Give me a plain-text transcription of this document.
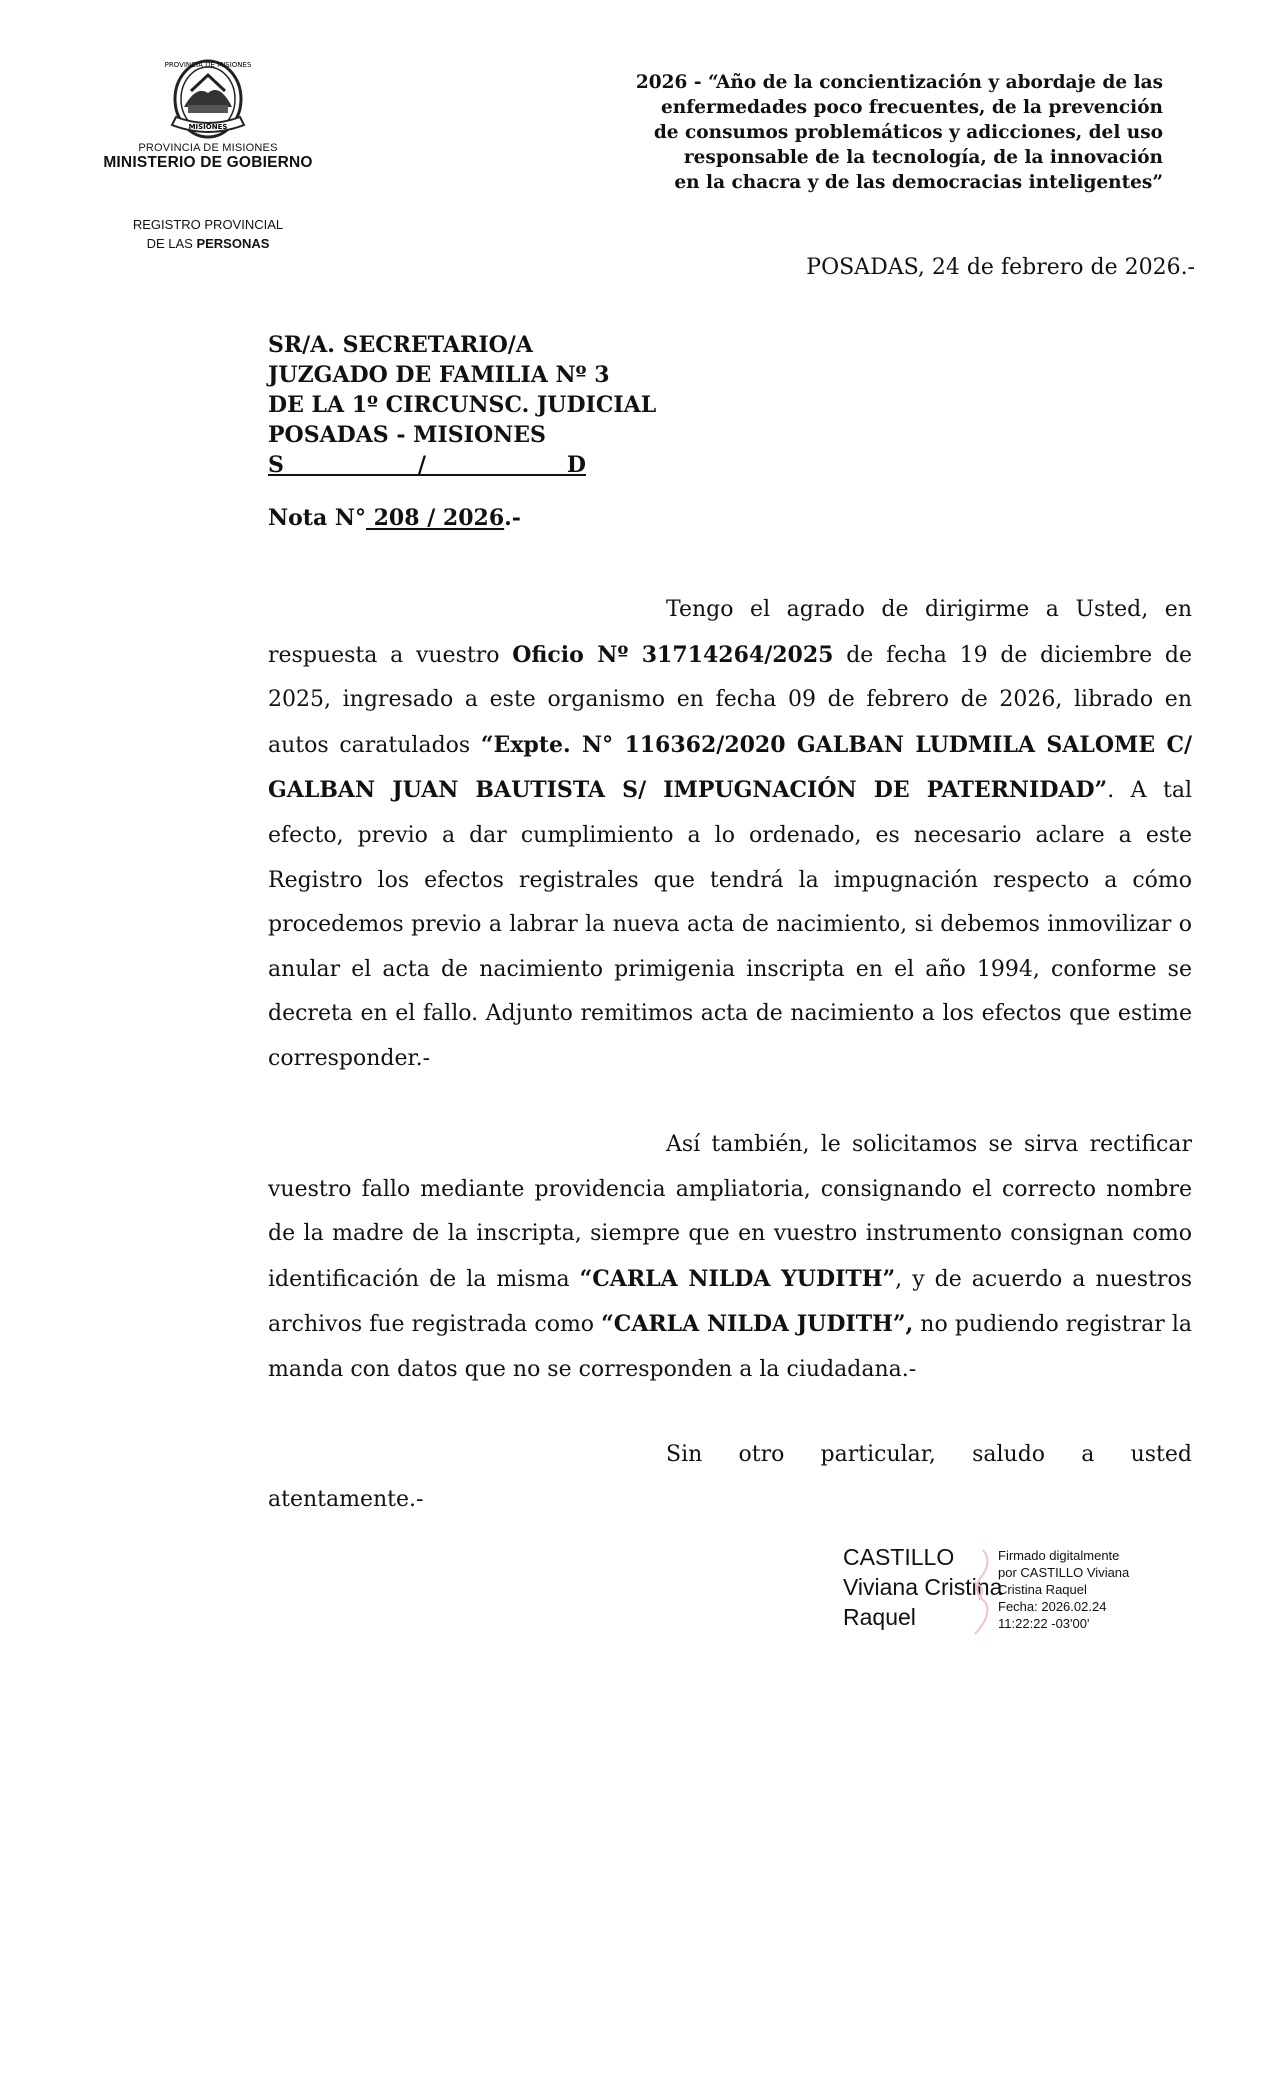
PROVINCIA DE MISIONES
MISIONES
PROVINCIA DE MISIONES
MINISTERIO DE GOBIERNO
REGISTRO PROVINCIAL
DE LAS PERSONAS
2026 - “Año de la concientización y abordaje de las
enfermedades poco frecuentes, de la prevención
de consumos problemáticos y adicciones, del uso
responsable de la tecnología, de la innovación
en la chacra y de las democracias inteligentes”
POSADAS, 24 de febrero de 2026.-
SR/A. SECRETARIO/A
JUZGADO DE FAMILIA Nº 3
DE LA 1º CIRCUNSC. JUDICIAL
POSADAS - MISIONES
S	/	D
Nota N° 208 / 2026.-
Tengo el agrado de dirigirme a Usted, en respuesta a vuestro Oficio Nº 31714264/2025 de fecha 19 de diciembre de 2025, ingresado a este organismo en fecha 09 de febrero de 2026, librado en autos caratulados “Expte. N° 116362/2020 GALBAN LUDMILA SALOME C/ GALBAN JUAN BAUTISTA S/ IMPUGNACIÓN DE PATERNIDAD”. A tal efecto, previo a dar cumplimiento a lo ordenado, es necesario aclare a este Registro los efectos registrales que tendrá la impugnación respecto a cómo procedemos previo a labrar la nueva acta de nacimiento, si debemos inmovilizar o anular el acta de nacimiento primigenia inscripta en el año 1994, conforme se decreta en el fallo. Adjunto remitimos acta de nacimiento a los efectos que estime corresponder.-
Así también, le solicitamos se sirva rectificar vuestro fallo mediante providencia ampliatoria, consignando el correcto nombre de la madre de la inscripta, siempre que en vuestro instrumento consignan como identificación de la misma “CARLA NILDA YUDITH”, y de acuerdo a nuestros archivos fue registrada como “CARLA NILDA JUDITH”, no pudiendo registrar la manda con datos que no se corresponden a la ciudadana.-
Sin otro particular, saludo a usted atentamente.-
CASTILLO
Viviana Cristina
Raquel
Firmado digitalmente
por CASTILLO Viviana
Cristina Raquel
Fecha: 2026.02.24
11:22:22 -03'00'
